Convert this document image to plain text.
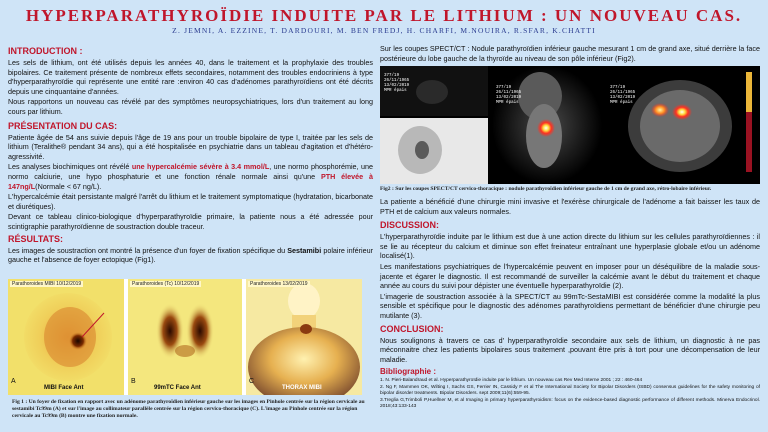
HYPERPARATHYROÏDIE INDUITE PAR LE LITHIUM : UN NOUVEAU CAS.
Z. JEMNI, A. EZZINE, T. DARDOURI, M. BEN FREDJ, H. CHARFI, M.NOUIRA, R.SFAR, K.CHATTI
INTRODUCTION :

Les sels de lithium, ont été utilisés depuis les années 40, dans le traitement et la prophylaxie des troubles bipolaires. Ce traitement présente de nombreux effets secondaires, notamment des troubles endocriniens à type d'hyperparathyroïdie qui représente une entité rare :environ 40 cas d'adénomes parathyroïdiens ont été décrits depuis une cinquantaine d'années.

Nous rapportons un nouveau cas révélé par des symptômes neuropsychiatriques, lors d'un traitement au long cours par lithium.

PRÉSENTATION DU CAS:

Patiente âgée de 54 ans suivie depuis l'âge de 19 ans pour un trouble bipolaire de type I, traitée par les sels de lithium (Teralithe® pendant 34 ans), qui a été hospitalisée en psychiatrie dans un tableau d'agitation et d'hétéro-agressivité.

Les analyses biochimiques ont révélé une hypercalcémie sévère à 3.4 mmol/L, une normo phosphorémie, une normo calciurie, une hypo phosphaturie et une fonction rénale normale ainsi qu'une PTH élevée à 147ng/L(Normale < 67 ng/L).

L'hypercalcémie était persistante malgré l'arrêt du lithium et le traitement symptomatique (hydratation, bicarbonate et diurétiques).

Devant ce tableau clinico-biologique d'hyperparathyroïdie primaire, la patiente nous a été adressée pour scintigraphie parathyroïdienne de soustraction double traceur.

RÉSULTATS:

Les images de soustraction ont montré la présence d'un foyer de fixation spécifique du Sestamibi polaire inférieur gauche et l'absence de foyer ectopique (Fig1).

Parathoroides MIBI 10/12/2019
A
MIBI Face Ant
Parathoroides (Tc) 10/12/2019
B
99mTC Face Ant
Parathoroides 13/02/2019
C
THORAX MIBI
Fig 1 : Un foyer de fixation en rapport avec un adénome parathyroïdien inférieur gauche sur les images en Pinhole centrée sur la région cervicale au sestamibi Tc99m (A) et sur l'image au collimateur parallèle centrée sur la région cervico-thoracique (C). L'image au Pinhole centrée sur la région cervicale au Tc99m (B) montre une fixation normale.

Sur les coupes SPECT/CT : Nodule parathyroïdien inférieur gauche mesurant 1 cm de grand axe, situé derrière la face postérieure du lobe gauche de la thyroïde au niveau de son pôle inférieur (Fig2).

377/19
26/11/1965
13/02/2019
MPR épais
377/19
26/11/1965
13/02/2019
MPR épais
377/19
26/11/1965
13/02/2019
MPR épais
Fig2 : Sur les coupes SPECT/CT cervico-thoracique : nodule parathyroïdien inférieur gauche de 1 cm de grand axe, rétro-lobaire inférieur.

La patiente a bénéficié d'une chirurgie mini invasive et l'exérèse chirurgicale de l'adénome a fait baisser les taux de PTH et de calcium aux valeurs normales.

DISCUSSION:

L'hyperparathyroïdie induite par le lithium est due à une action directe du lithium sur les cellules parathyroïdiennes : il se lie au récepteur du calcium et diminue son effet freinateur entraînant une hyperplasie globale et/ou un adénome localisé(1).

Les manifestations psychiatriques de l'hypercalcémie peuvent en imposer pour un déséquilibre de la maladie sous-jacente et égarer le diagnostic. Il est recommandé de surveiller la calcémie avant le début du traitement et chaque année au cours du suivi pour dépister une éventuelle hyperparathyroïdie (2).

L'imagerie de soustraction associée à la SPECT/CT au 99mTc-SestaMIBI est considérée comme la modalité la plus sensible et spécifique pour le diagnostic des adénomes parathyroïdiens permettant de bénéficier d'une chirurgie peu mutilante (3).

CONCLUSION:

Nous soulignons à travers ce cas d' hyperparathyroïdie secondaire aux sels de lithium, un diagnostic à ne pas méconnaitre chez les patients bipolaires sous traitement ,pouvant être pris à tort pour une décompensation de leur maladie.

Bibliographie :

1. N. Pieri-Balandraud et al. Hyperparathyroïdie induite par le lithium. Un nouveau cas Rev Med Interne 2001 ; 22 : 460-464

2. Ng F, Mammen OK, Wilting I, Sachs GS, Ferrier IN, Cassidy F et al The International Society for Bipolar Disorders (ISBD) consensus guidelines for the safety monitoring of bipolar disorder treatments. Bipolar Disorders. sept 2009;11(6):559-95.

3.Treglia G,Trimboli P,Huellner M, et al Imaging in primary hyperparathyroidism: focus on the evidence-based diagnostic performance of different methods. Minerva Endocrinol. 2018;43:133-143
